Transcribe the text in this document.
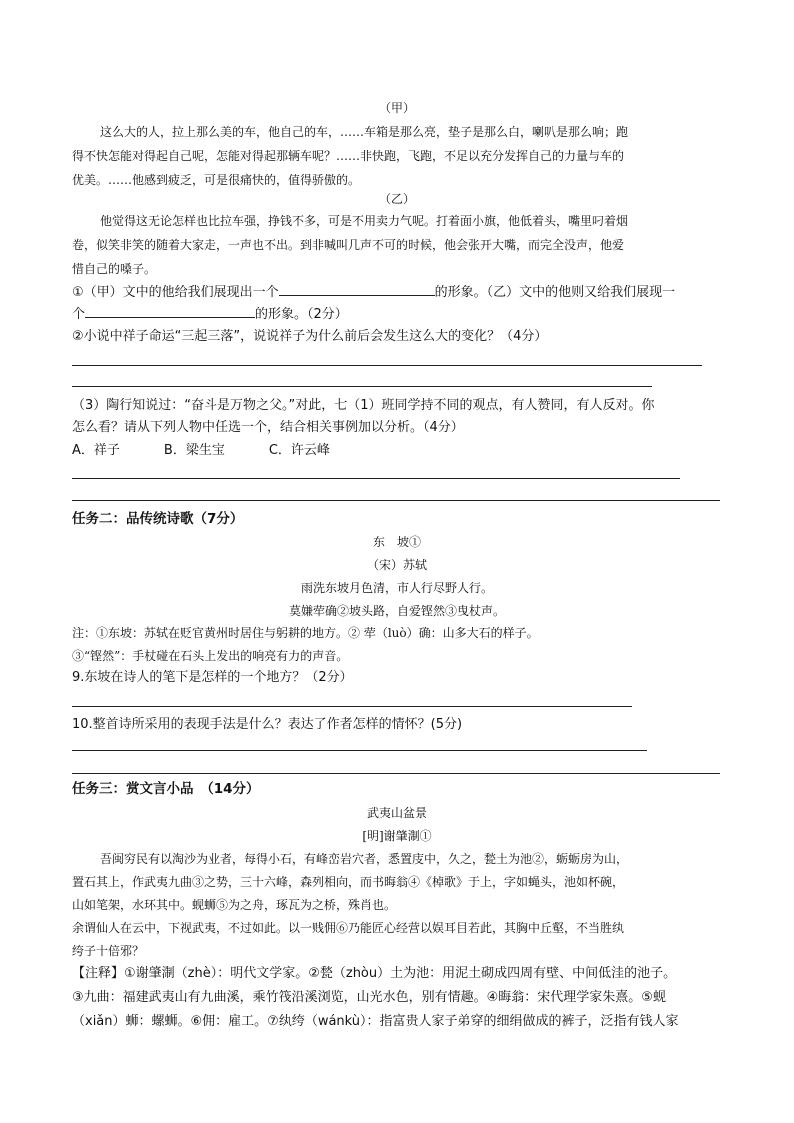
（甲）
这么大的人，拉上那么美的车，他自己的车，……车箱是那么亮，垫子是那么白，喇叭是那么响；跑
得不快怎能对得起自己呢，怎能对得起那辆车呢？……非快跑，飞跑，不足以充分发挥自己的力量与车的
优美。……他感到疲乏，可是很痛快的，值得骄傲的。
（乙）
他觉得这无论怎样也比拉车强，挣钱不多，可是不用卖力气呢。打着面小旗，他低着头，嘴里叼着烟
卷，似笑非笑的随着大家走，一声也不出。到非喊叫几声不可的时候，他会张开大嘴，而完全没声，他爱
惜自己的嗓子。
①（甲）文中的他给我们展现出一个	的形象。（乙）文中的他则又给我们展现一
个	的形象。（2分）
②小说中祥子命运“三起三落”，说说祥子为什么前后会发生这么大的变化？（4分）
（3）陶行知说过：“奋斗是万物之父。”对此，七（1）班同学持不同的观点，有人赞同，有人反对。你
怎么看？请从下列人物中任选一个，结合相关事例加以分析。（4分）
A．祥子	B．梁生宝	C．许云峰
任务二：品传统诗歌（7分）
东　坡①
（宋）苏轼
雨洗东坡月色清，市人行尽野人行。
莫嫌荦确②坡头路，自爱铿然③曳杖声。
注：①东坡：苏轼在贬官黄州时居住与躬耕的地方。② 荦（luò）确：山多大石的样子。
③“铿然”：手杖碰在石头上发出的响亮有力的声音。
9.东坡在诗人的笔下是怎样的一个地方？（2分）
10.整首诗所采用的表现手法是什么？表达了作者怎样的情怀？(5分)
任务三：赏文言小品　（14分）
武夷山盆景
[明]谢肇淛①
吾闽穷民有以淘沙为业者，每得小石，有峰峦岩穴者，悉置庋中，久之，甃土为池②，蛎蛎房为山，
置石其上，作武夷九曲③之势，三十六峰，森列相向，而书晦翁④《棹歌》于上，字如蝇头，池如杯碗，
山如笔架，水环其中。蚬蛳⑤为之舟，琢瓦为之桥，殊肖也。
余谓仙人在云中，下视武夷，不过如此。以一贱佣⑥乃能匠心经营以娱耳目若此，其胸中丘壑，不当胜纨
绔子十倍邪？
【注释】①谢肇淛（zhè）：明代文学家。②甃（zhòu）土为池：用泥土砌成四周有壁、中间低洼的池子。
③九曲：福建武夷山有九曲溪，乘竹筏沿溪浏览，山光水色，别有情趣。④晦翁：宋代理学家朱熹。⑤蚬
（xiǎn）蛳：螺蛳。⑥佣：雇工。⑦纨绔（wánkù）：指富贵人家子弟穿的细绢做成的裤子，泛指有钱人家
